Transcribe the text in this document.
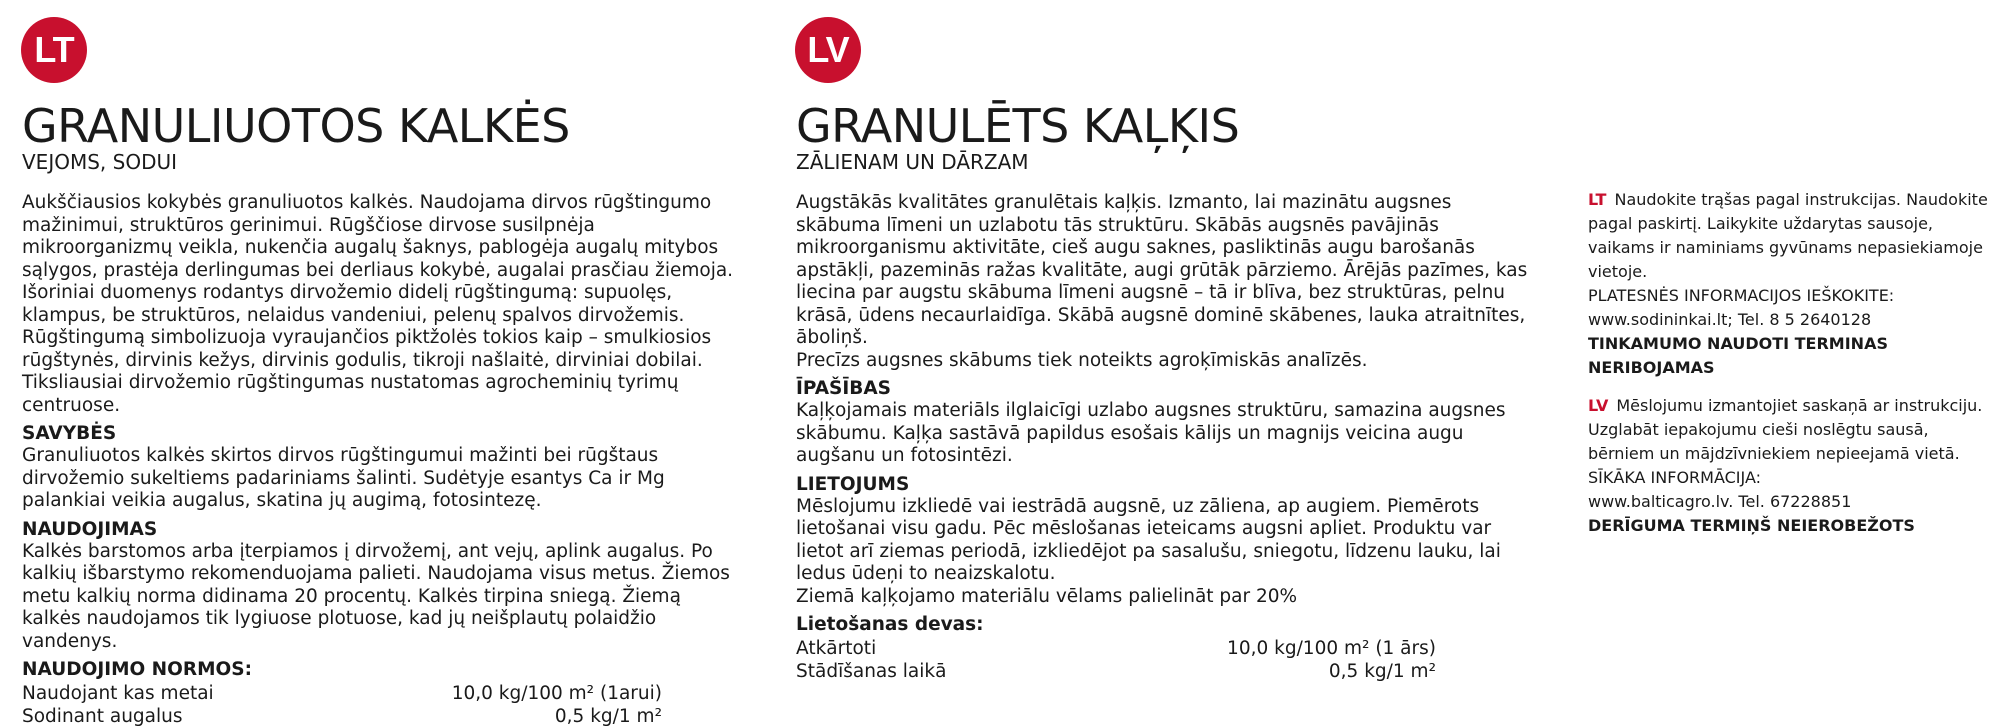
LT
GRANULIUOTOS KALKĖS

VEJOMS, SODUI

Aukščiausios kokybės granuliuotos kalkės. Naudojama dirvos rūgštingumo mažinimui, struktūros gerinimui. Rūgščiose dirvose susilpnėja mikroorganizmų veikla, nukenčia augalų šaknys, pablogėja augalų mitybos sąlygos, prastėja derlingumas bei derliaus kokybė, augalai prasčiau žiemoja. Išoriniai duomenys rodantys dirvožemio didelį rūgštingumą: supuolęs, klampus, be struktūros, nelaidus vandeniui, pelenų spalvos dirvožemis. Rūgštingumą simbolizuoja vyraujančios piktžolės tokios kaip – smulkiosios rūgštynės, dirvinis kežys, dirvinis godulis, tikroji našlaitė, dirviniai dobilai. Tiksliausiai dirvožemio rūgštingumas nustatomas agrocheminių tyrimų centruose.

SAVYBĖS

Granuliuotos kalkės skirtos dirvos rūgštingumui mažinti bei rūgštaus dirvožemio sukeltiems padariniams šalinti. Sudėtyje esantys Ca ir Mg palankiai veikia augalus, skatina jų augimą, fotosintezę.

NAUDOJIMAS

Kalkės barstomos arba įterpiamos į dirvožemį, ant vejų, aplink augalus. Po kalkių išbarstymo rekomenduojama palieti. Naudojama visus metus. Žiemos metu kalkių norma didinama 20 procentų. Kalkės tirpina sniegą. Žiemą kalkės naudojamos tik lygiuose plotuose, kad jų neišplautų polaidžio vandenys.

NAUDOJIMO NORMOS:

Naudojant kas metai	10,0 kg/100 m² (1arui)
Sodinant augalus	0,5 kg/1 m²
LV
GRANULĒTS KAĻĶIS

ZĀLIENAM UN DĀRZAM

Augstākās kvalitātes granulētais kaļķis. Izmanto, lai mazinātu augsnes skābuma līmeni un uzlabotu tās struktūru. Skābās augsnēs pavājinās mikroorganismu aktivitāte, cieš augu saknes, pasliktinās augu barošanās apstākļi, pazeminās ražas kvalitāte, augi grūtāk pārziemo. Ārējās pazīmes, kas liecina par augstu skābuma līmeni augsnē – tā ir blīva, bez struktūras, pelnu krāsā, ūdens necaurlaidīga. Skābā augsnē dominē skābenes, lauka atraitnītes, āboliņš.

Precīzs augsnes skābums tiek noteikts agroķīmiskās analīzēs.

ĪPAŠĪBAS

Kaļķojamais materiāls ilglaicīgi uzlabo augsnes struktūru, samazina augsnes skābumu. Kaļķa sastāvā papildus esošais kālijs un magnijs veicina augu augšanu un fotosintēzi.

LIETOJUMS

Mēslojumu izkliedē vai iestrādā augsnē, uz zāliena, ap augiem. Piemērots lietošanai visu gadu. Pēc mēslošanas ieteicams augsni apliet. Produktu var lietot arī ziemas periodā, izkliedējot pa sasalušu, sniegotu, līdzenu lauku, lai ledus ūdeņi to neaizskalotu.

Ziemā kaļķojamo materiālu vēlams palielināt par 20%

Lietošanas devas:

Atkārtoti	10,0 kg/100 m² (1 ārs)
Stādīšanas laikā	0,5 kg/1 m²

LT Naudokite trąšas pagal instrukcijas. Naudokite pagal paskirtį. Laikykite uždarytas sausoje, vaikams ir naminiams gyvūnams nepasiekiamoje vietoje.

PLATESNĖS INFORMACIJOS IEŠKOKITE:

www.sodininkai.lt; Tel. 8 5 2640128

TINKAMUMO NAUDOTI TERMINAS NERIBOJAMAS

LV Mēslojumu izmantojiet saskaņā ar instrukciju. Uzglabāt iepakojumu cieši noslēgtu sausā, bērniem un mājdzīvniekiem nepieejamā vietā.

SĪKĀKA INFORMĀCIJA:

www.balticagro.lv. Tel. 67228851

DERĪGUMA TERMIŅŠ NEIEROBEŽOTS
